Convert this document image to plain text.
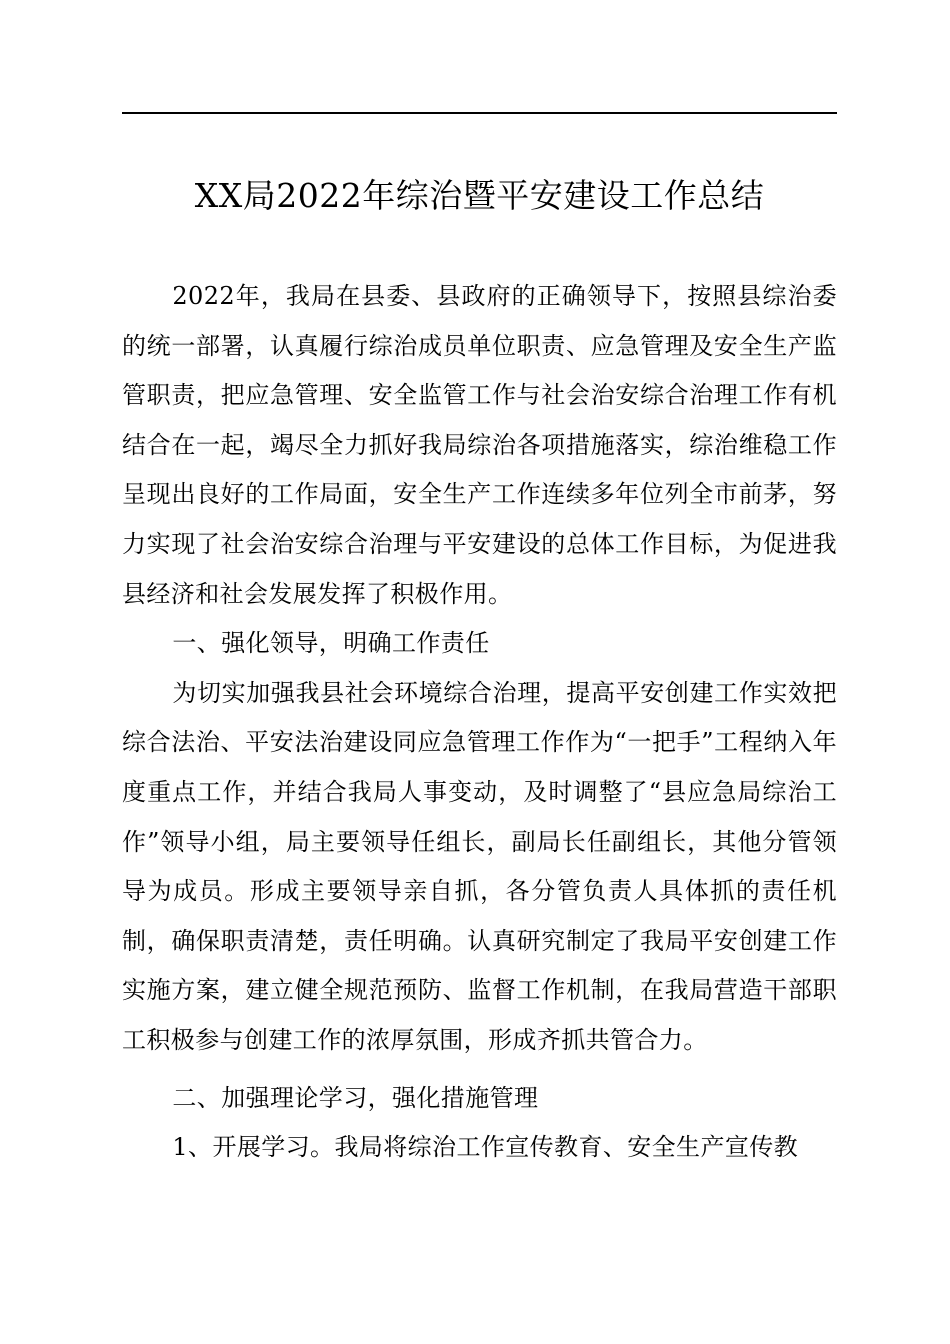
XX局2022年综治暨平安建设工作总结

2022年，我局在县委、县政府的正确领导下，按照县综治委的统一部署，认真履行综治成员单位职责、应急管理及安全生产监管职责，把应急管理、安全监管工作与社会治安综合治理工作有机结合在一起，竭尽全力抓好我局综治各项措施落实，综治维稳工作呈现出良好的工作局面，安全生产工作连续多年位列全市前茅，努力实现了社会治安综合治理与平安建设的总体工作目标，为促进我县经济和社会发展发挥了积极作用。

一、强化领导，明确工作责任

为切实加强我县社会环境综合治理，提高平安创建工作实效把综合法治、平安法治建设同应急管理工作作为“一把手”工程纳入年度重点工作，并结合我局人事变动，及时调整了“县应急局综治工作”领导小组，局主要领导任组长，副局长任副组长，其他分管领导为成员。形成主要领导亲自抓，各分管负责人具体抓的责任机制，确保职责清楚，责任明确。认真研究制定了我局平安创建工作实施方案，建立健全规范预防、监督工作机制，在我局营造干部职工积极参与创建工作的浓厚氛围，形成齐抓共管合力。

二、加强理论学习，强化措施管理

1、开展学习。我局将综治工作宣传教育、安全生产宣传教
